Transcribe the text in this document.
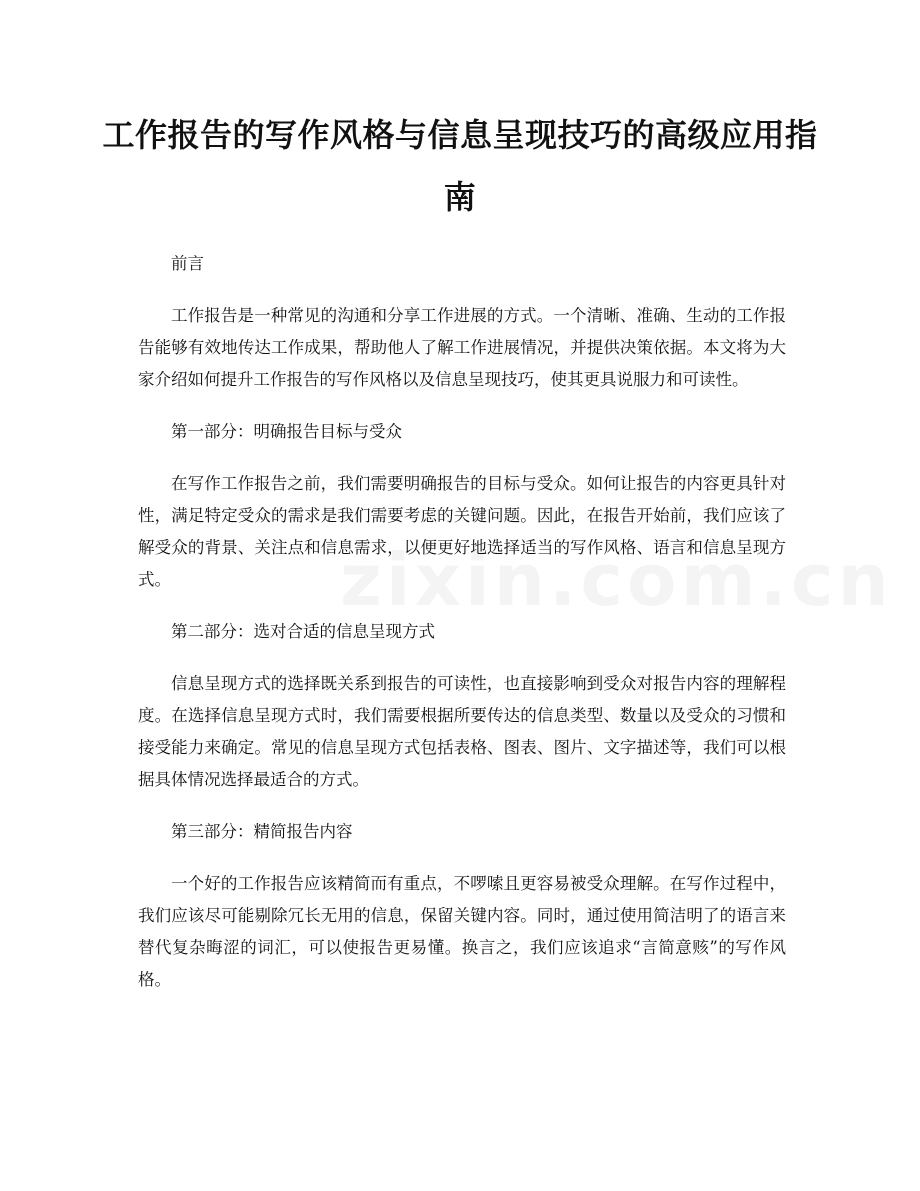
工作报告的写作风格与信息呈现技巧的高级应用指南

前言

工作报告是一种常见的沟通和分享工作进展的方式。一个清晰、准确、生动的工作报告能够有效地传达工作成果，帮助他人了解工作进展情况，并提供决策依据。本文将为大家介绍如何提升工作报告的写作风格以及信息呈现技巧，使其更具说服力和可读性。

第一部分：明确报告目标与受众

在写作工作报告之前，我们需要明确报告的目标与受众。如何让报告的内容更具针对性，满足特定受众的需求是我们需要考虑的关键问题。因此，在报告开始前，我们应该了解受众的背景、关注点和信息需求，以便更好地选择适当的写作风格、语言和信息呈现方式。

第二部分：选对合适的信息呈现方式

信息呈现方式的选择既关系到报告的可读性，也直接影响到受众对报告内容的理解程度。在选择信息呈现方式时，我们需要根据所要传达的信息类型、数量以及受众的习惯和接受能力来确定。常见的信息呈现方式包括表格、图表、图片、文字描述等，我们可以根据具体情况选择最适合的方式。

第三部分：精简报告内容

一个好的工作报告应该精简而有重点，不啰嗦且更容易被受众理解。在写作过程中，我们应该尽可能剔除冗长无用的信息，保留关键内容。同时，通过使用简洁明了的语言来替代复杂晦涩的词汇，可以使报告更易懂。换言之，我们应该追求“言简意赅”的写作风格。
